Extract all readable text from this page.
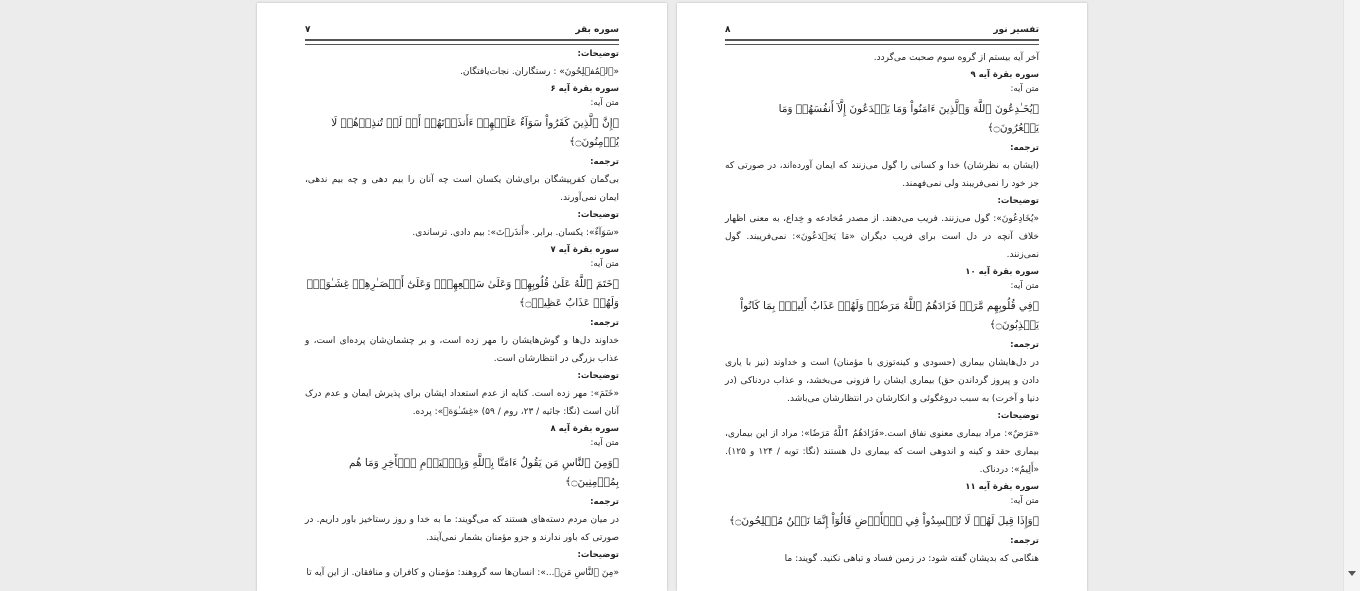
تفسیر نور
۸
آخر آیه بیستم از گروه سوم صحبت می‌گردد.
سوره بقرة آیه ۹
متن آیه:
﴿يُخَـٰدِعُونَ ٱللَّهَ وَٱلَّذِينَ ءَامَنُواْ وَمَا يَخۡدَعُونَ إِلَّآ أَنفُسَهُمۡ وَمَا يَشۡعُرُونَ۝﴾
ترجمه:
(ایشان به نظرشان) خدا و کسانی را گول می‌زنند که ایمان آورده‌اند، در صورتی که جز خود را نمی‌فریبند ولی نمی‌فهمند.
توضیحات:
«يُخَادِعُونَ»: گول می‌زنند. فریب می‌دهند. از مصدر مُخادعه و خِداع، به معنی اظهار خلاف آنچه در دل است برای فریب دیگران «مَا يَخۡدَعُونَ»: نمی‌فریبند. گول نمی‌زنند.
سوره بقرة آیه ۱۰
متن آیه:
﴿فِي قُلُوبِهِم مَّرَضٞ فَزَادَهُمُ ٱللَّهُ مَرَضٗاۖ وَلَهُمۡ عَذَابٌ أَلِيمُۢ بِمَا كَانُواْ يَكۡذِبُونَ۝﴾
ترجمه:
در دل‌هایشان بیماری (حسودی و کینه‌توزی با مؤمنان) است و خداوند (نیز با یاری دادن و پیروز گرداندن حق) بیماری ایشان را فزونی می‌بخشد، و عذاب دردناکی (در دنیا و آخرت) به سبب دروغگوئی و انکارشان در انتظارشان می‌باشد.
توضیحات:
«مَرَضٌ»: مراد بیماری معنوی نفاق است.«فَزَادَهُمُ ٱللَّهُ مَرَضٗا»: مراد از این بیماری، بیماری حقد و کینه و اندوهی است که بیماری دل هستند (نگا: توبه / ۱۲۴ و ۱۲۵). «أَلِيمٌ»: دردناک.
سوره بقرة آیه ۱۱
متن آیه:
﴿وَإِذَا قِيلَ لَهُمۡ لَا تُفۡسِدُواْ فِي ٱلۡأَرۡضِ قَالُوٓاْ إِنَّمَا نَحۡنُ مُصۡلِحُونَ۝﴾
ترجمه:
هنگامی که بدیشان گفته شود: در زمین فساد و تباهی نکنید. گویند: ما
سوره بقر
۷
توضیحات:
«ٱلۡمُفۡلِحُونَ» : رستگاران. نجات‌یافتگان.
سوره بقرة آیه ۶
متن آیه:
﴿إِنَّ ٱلَّذِينَ كَفَرُواْ سَوَآءٌ عَلَيۡهِمۡ ءَأَنذَرۡتَهُمۡ أَمۡ لَمۡ تُنذِرۡهُمۡ لَا يُؤۡمِنُونَ۝﴾
ترجمه:
بی‌گمان کفرپیشگان برای‌شان یکسان است چه آنان را بیم دهی و چه بیم ندهی، ایمان نمی‌آورند.
توضیحات:
«سَوَآءٌ»: یکسان. برابر. «أَنذَرۡتَ»: بیم دادی. ترساندی.
سوره بقرة آیه ۷
متن آیه:
﴿خَتَمَ ٱللَّهُ عَلَىٰ قُلُوبِهِمۡ وَعَلَىٰ سَمۡعِهِمۡۖ وَعَلَىٰٓ أَبۡصَـٰرِهِمۡ غِشَـٰوَةٞۖ وَلَهُمۡ عَذَابٌ عَظِيمٞ۝﴾
ترجمه:
خداوند دل‌ها و گوش‌هایشان را مهر زده است، و بر چشمان‌شان پرده‌ای است، و عذاب بزرگی در انتظارشان است.
توضیحات:
«خَتَمَ»: مهر زده است. کنایه از عدم استعداد ایشان برای پذیرش ایمان و عدم درک آنان است (نگا: جاثیه / ۲۳، روم / ۵۹) «غِشَـٰوَةٞ»: پرده.
سوره بقرة آیه ۸
متن آیه:
﴿وَمِنَ ٱلنَّاسِ مَن يَقُولُ ءَامَنَّا بِٱللَّهِ وَبِٱلۡيَوۡمِ ٱلۡأٓخِرِ وَمَا هُم بِمُؤۡمِنِينَ۝﴾
ترجمه:
در میان مردم دسته‌های هستند که می‌گویند: ما به خدا و روز رستاخیز باور داریم. در صورتی که باور ندارند و جزو مؤمنان بشمار نمی‌آیند.
توضیحات:
«مِنَ ٱلنَّاسِ مَنۡ...»: انسان‌ها سه گروهند: مؤمنان و کافران و منافقان. از این آیه تا
